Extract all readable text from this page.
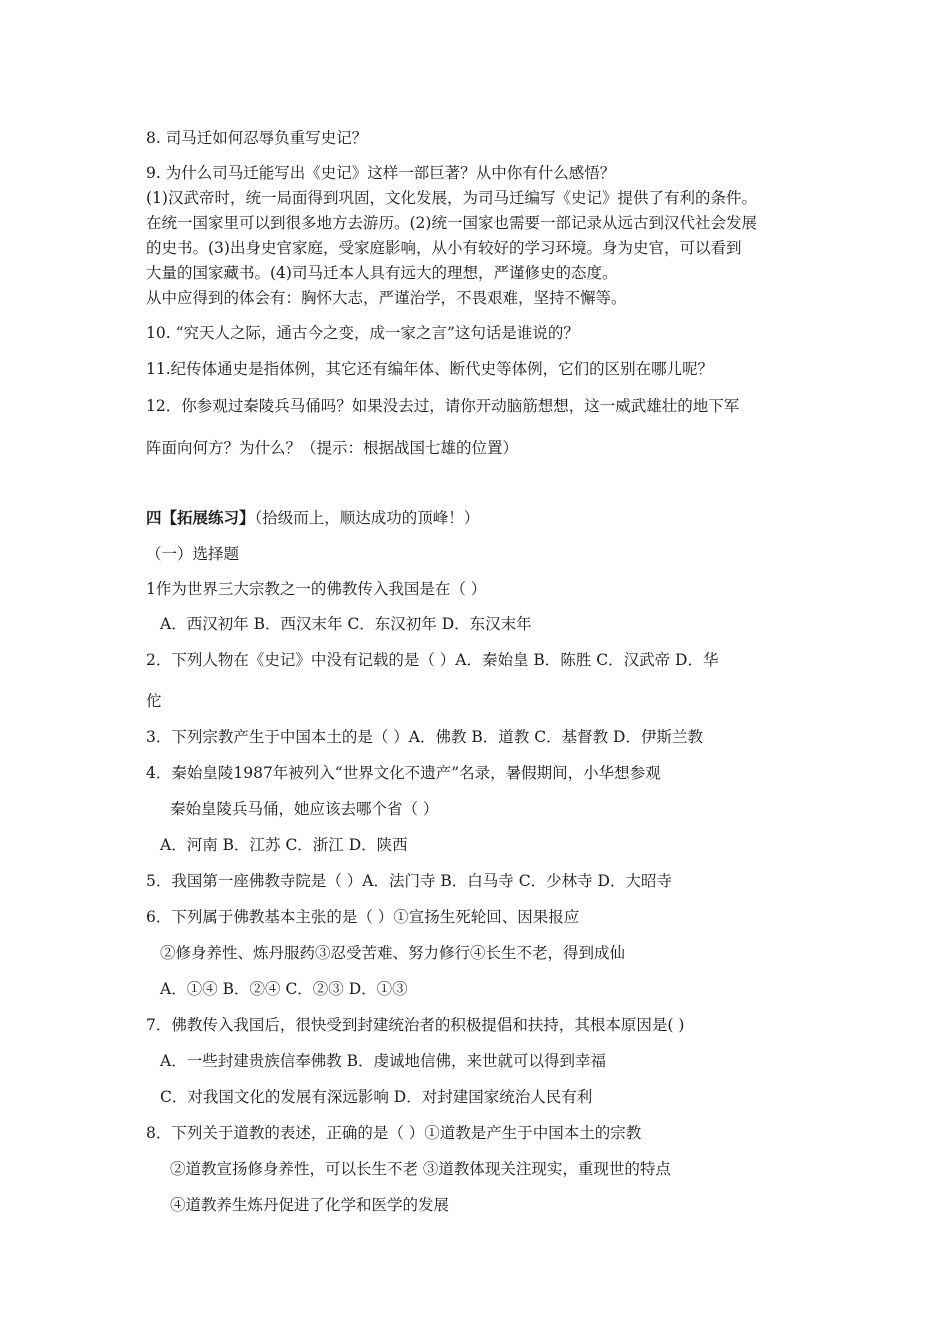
8. 司马迁如何忍辱负重写史记？
9. 为什么司马迁能写出《史记》这样一部巨著？从中你有什么感悟？
(1)汉武帝时，统一局面得到巩固，文化发展，为司马迁编写《史记》提供了有利的条件。
在统一国家里可以到很多地方去游历。(2)统一国家也需要一部记录从远古到汉代社会发展
的史书。(3)出身史官家庭，受家庭影响，从小有较好的学习环境。身为史官，可以看到
大量的国家藏书。(4)司马迁本人具有远大的理想，严谨修史的态度。
从中应得到的体会有：胸怀大志，严谨治学，不畏艰难，坚持不懈等。
10. “究天人之际，通古今之变，成一家之言”这句话是谁说的？
11.纪传体通史是指体例，其它还有编年体、断代史等体例，它们的区别在哪儿呢？
12．你参观过秦陵兵马俑吗？如果没去过，请你开动脑筋想想，这一威武雄壮的地下军
阵面向何方？为什么？（提示：根据战国七雄的位置）
四【拓展练习】（拾级而上，顺达成功的顶峰！）
（一）选择题
1作为世界三大宗教之一的佛教传入我国是在（ ）
A．西汉初年 B．西汉末年 C．东汉初年 D．东汉末年
2．下列人物在《史记》中没有记载的是（ ）A．秦始皇 B．陈胜 C．汉武帝 D．华
佗
3．下列宗教产生于中国本土的是（ ）A．佛教 B．道教 C．基督教 D．伊斯兰教
4．秦始皇陵1987年被列入“世界文化不遗产”名录，暑假期间，小华想参观
秦始皇陵兵马俑，她应该去哪个省（ ）
A．河南 B．江苏 C．浙江 D．陕西
5．我国第一座佛教寺院是（ ）A．法门寺 B．白马寺 C．少林寺 D．大昭寺
6．下列属于佛教基本主张的是（ ）①宣扬生死轮回、因果报应
②修身养性、炼丹服药③忍受苦难、努力修行④长生不老，得到成仙
A．①④ B．②④ C．②③ D．①③
7．佛教传入我国后，很快受到封建统治者的积极提倡和扶持，其根本原因是( )
A．一些封建贵族信奉佛教 B．虔诚地信佛，来世就可以得到幸福
C．对我国文化的发展有深远影响 D．对封建国家统治人民有利
8．下列关于道教的表述，正确的是（ ）①道教是产生于中国本土的宗教
②道教宣扬修身养性，可以长生不老 ③道教体现关注现实，重现世的特点
④道教养生炼丹促进了化学和医学的发展
